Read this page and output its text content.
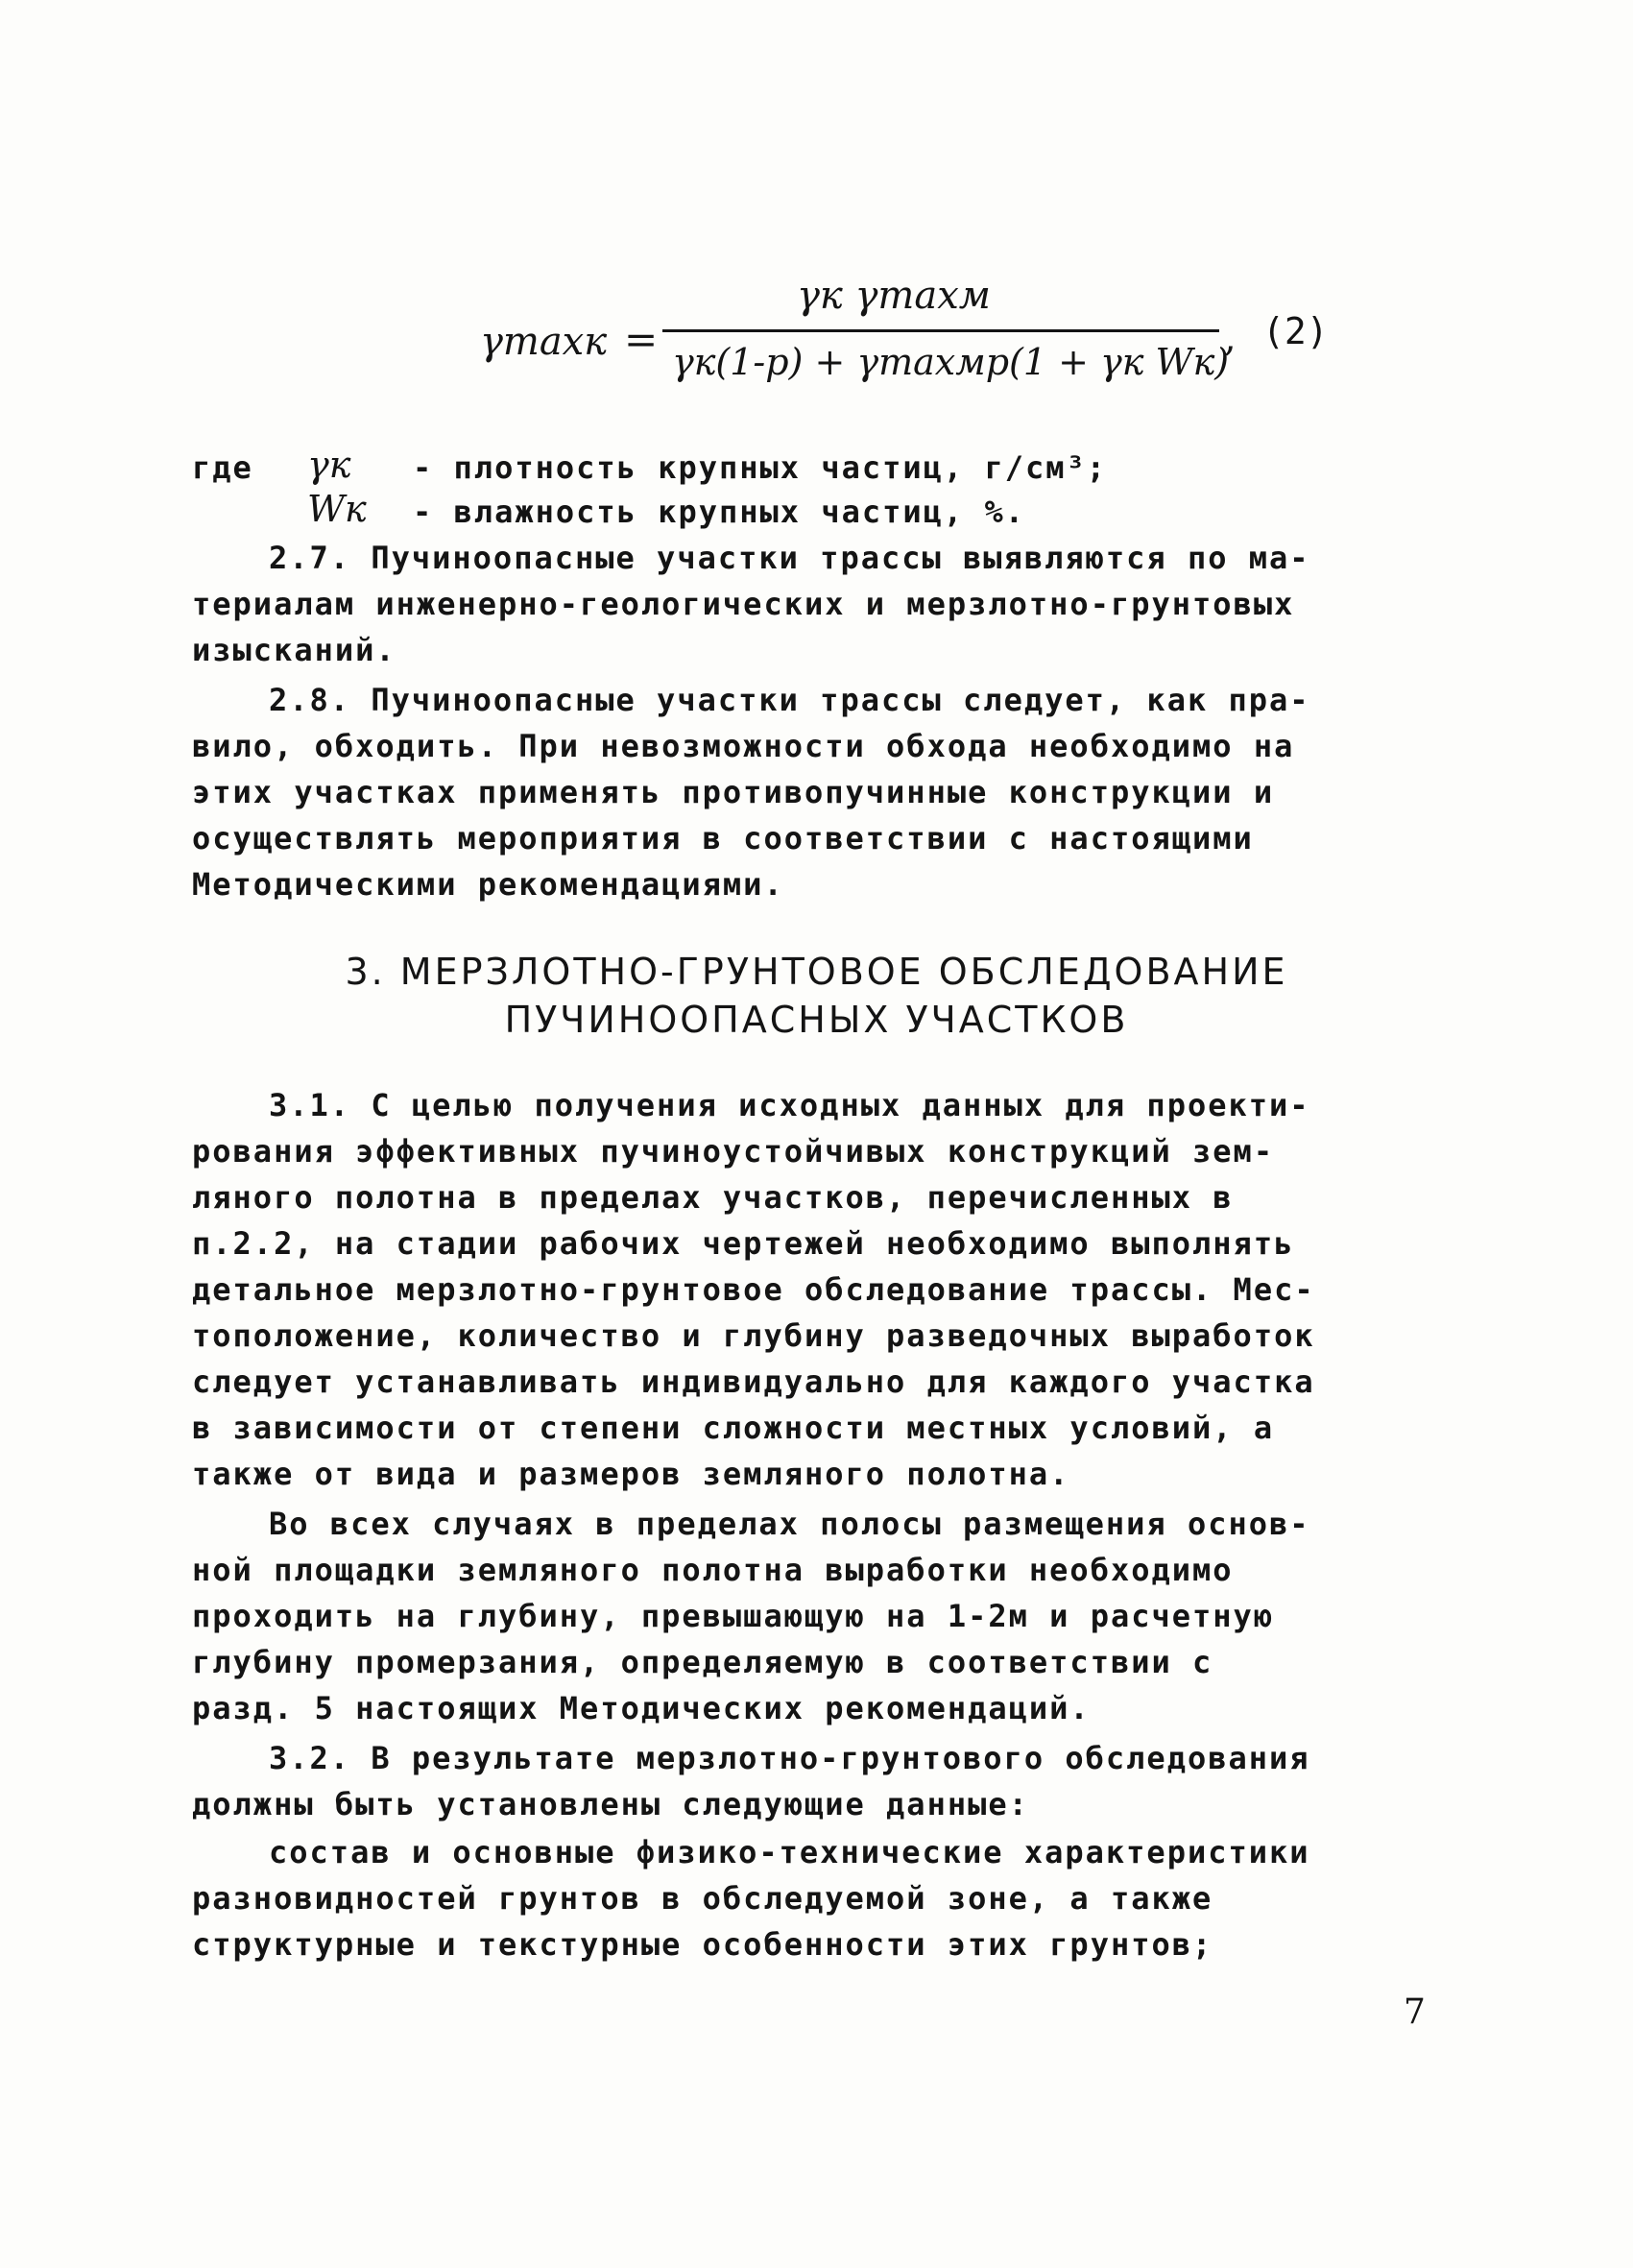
γmaxк =
γк γmaxм
γк(1-p) + γmaxмp(1 + γк Wк)
, (2)
где γк - плотность крупных частиц, г/см³;
Wк - влажность крупных частиц, %.
2.7. Пучиноопасные участки трассы выявляются по ма-
териалам инженерно-геологических и мерзлотно-грунтовых
изысканий.
2.8. Пучиноопасные участки трассы следует, как пра-
вило, обходить. При невозможности обхода необходимо на
этих участках применять противопучинные конструкции и
осуществлять мероприятия в соответствии с настоящими
Методическими рекомендациями.
3. МЕРЗЛОТНО-ГРУНТОВОЕ ОБСЛЕДОВАНИЕ
ПУЧИНООПАСНЫХ УЧАСТКОВ
3.1. С целью получения исходных данных для проекти-
рования эффективных пучиноустойчивых конструкций зем-
ляного полотна в пределах участков, перечисленных в
п.2.2, на стадии рабочих чертежей необходимо выполнять
детальное мерзлотно-грунтовое обследование трассы. Мес-
тоположение, количество и глубину разведочных выработок
следует устанавливать индивидуально для каждого участка
в зависимости от степени сложности местных условий, а
также от вида и размеров земляного полотна.
Во всех случаях в пределах полосы размещения основ-
ной площадки земляного полотна выработки необходимо
проходить на глубину, превышающую на 1-2м и расчетную
глубину промерзания, определяемую в соответствии с
разд. 5 настоящих Методических рекомендаций.
3.2. В результате мерзлотно-грунтового обследования
должны быть установлены следующие данные:
состав и основные физико-технические характеристики
разновидностей грунтов в обследуемой зоне, а также
структурные и текстурные особенности этих грунтов;
7
